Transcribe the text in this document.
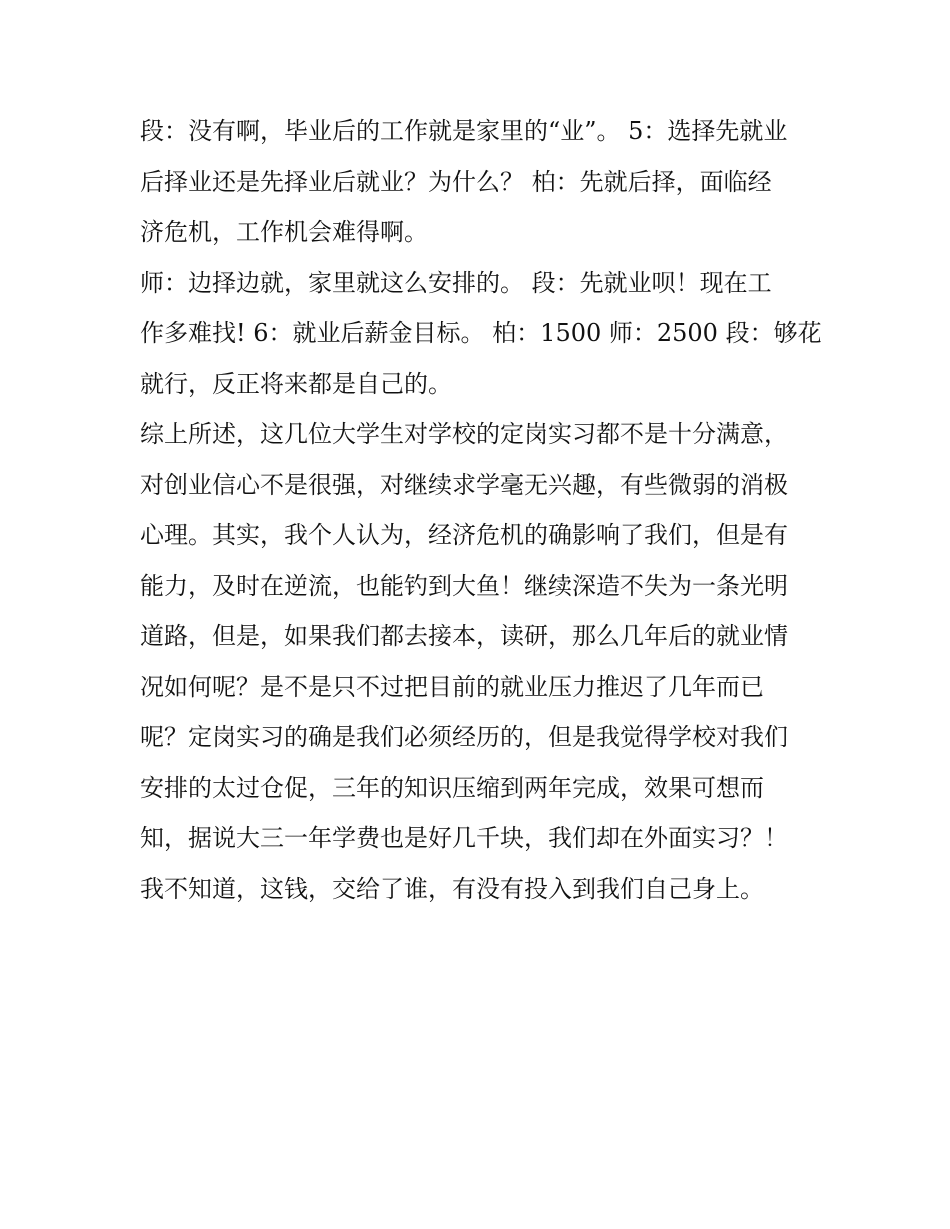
段：没有啊，毕业后的工作就是家里的“业”。 5：选择先就业
后择业还是先择业后就业？为什么？ 柏：先就后择，面临经
济危机，工作机会难得啊。
师：边择边就，家里就这么安排的。 段：先就业呗！现在工
作多难找! 6：就业后薪金目标。 柏：1500 师：2500 段：够花
就行，反正将来都是自己的。
综上所述，这几位大学生对学校的定岗实习都不是十分满意，
对创业信心不是很强，对继续求学毫无兴趣，有些微弱的消极
心理。其实，我个人认为，经济危机的确影响了我们，但是有
能力，及时在逆流，也能钓到大鱼！继续深造不失为一条光明
道路，但是，如果我们都去接本，读研，那么几年后的就业情
况如何呢？是不是只不过把目前的就业压力推迟了几年而已
呢？定岗实习的确是我们必须经历的，但是我觉得学校对我们
安排的太过仓促，三年的知识压缩到两年完成，效果可想而
知，据说大三一年学费也是好几千块，我们却在外面实习？！
我不知道，这钱，交给了谁，有没有投入到我们自己身上。
